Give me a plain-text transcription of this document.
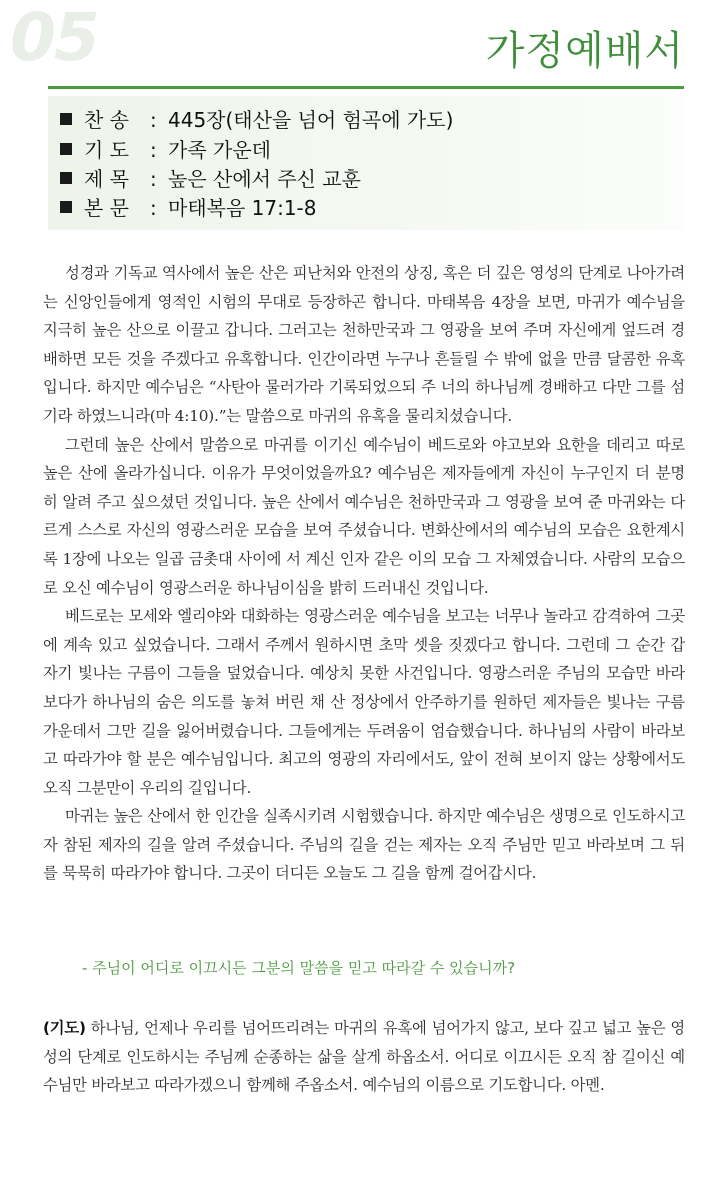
05	가정예배서
찬 송 : 445장(태산을 넘어 험곡에 가도)
기 도 : 가족 가운데
제 목 : 높은 산에서 주신 교훈
본 문 : 마태복음 17:1-8

성경과 기독교 역사에서 높은 산은 피난처와 안전의 상징, 혹은 더 깊은 영성의 단계로 나아가려는 신앙인들에게 영적인 시험의 무대로 등장하곤 합니다. 마태복음 4장을 보면, 마귀가 예수님을 지극히 높은 산으로 이끌고 갑니다. 그러고는 천하만국과 그 영광을 보여 주며 자신에게 엎드려 경배하면 모든 것을 주겠다고 유혹합니다. 인간이라면 누구나 흔들릴 수 밖에 없을 만큼 달콤한 유혹입니다. 하지만 예수님은 “사탄아 물러가라 기록되었으되 주 너의 하나님께 경배하고 다만 그를 섬기라 하였느니라(마 4:10).”는 말씀으로 마귀의 유혹을 물리치셨습니다.

그런데 높은 산에서 말씀으로 마귀를 이기신 예수님이 베드로와 야고보와 요한을 데리고 따로 높은 산에 올라가십니다. 이유가 무엇이었을까요? 예수님은 제자들에게 자신이 누구인지 더 분명히 알려 주고 싶으셨던 것입니다. 높은 산에서 예수님은 천하만국과 그 영광을 보여 준 마귀와는 다르게 스스로 자신의 영광스러운 모습을 보여 주셨습니다. 변화산에서의 예수님의 모습은 요한계시록 1장에 나오는 일곱 금촛대 사이에 서 계신 인자 같은 이의 모습 그 자체였습니다. 사람의 모습으로 오신 예수님이 영광스러운 하나님이심을 밝히 드러내신 것입니다.

베드로는 모세와 엘리야와 대화하는 영광스러운 예수님을 보고는 너무나 놀라고 감격하여 그곳에 계속 있고 싶었습니다. 그래서 주께서 원하시면 초막 셋을 짓겠다고 합니다. 그런데 그 순간 갑자기 빛나는 구름이 그들을 덮었습니다. 예상치 못한 사건입니다. 영광스러운 주님의 모습만 바라보다가 하나님의 숨은 의도를 놓쳐 버린 채 산 정상에서 안주하기를 원하던 제자들은 빛나는 구름 가운데서 그만 길을 잃어버렸습니다. 그들에게는 두려움이 엄습했습니다. 하나님의 사람이 바라보고 따라가야 할 분은 예수님입니다. 최고의 영광의 자리에서도, 앞이 전혀 보이지 않는 상황에서도 오직 그분만이 우리의 길입니다.

마귀는 높은 산에서 한 인간을 실족시키려 시험했습니다. 하지만 예수님은 생명으로 인도하시고자 참된 제자의 길을 알려 주셨습니다. 주님의 길을 걷는 제자는 오직 주님만 믿고 바라보며 그 뒤를 묵묵히 따라가야 합니다. 그곳이 더디든 오늘도 그 길을 함께 걸어갑시다.

- 주님이 어디로 이끄시든 그분의 말씀을 믿고 따라갈 수 있습니까?

(기도) 하나님, 언제나 우리를 넘어뜨리려는 마귀의 유혹에 넘어가지 않고, 보다 깊고 넓고 높은 영성의 단계로 인도하시는 주님께 순종하는 삶을 살게 하옵소서. 어디로 이끄시든 오직 참 길이신 예수님만 바라보고 따라가겠으니 함께해 주옵소서. 예수님의 이름으로 기도합니다. 아멘.
